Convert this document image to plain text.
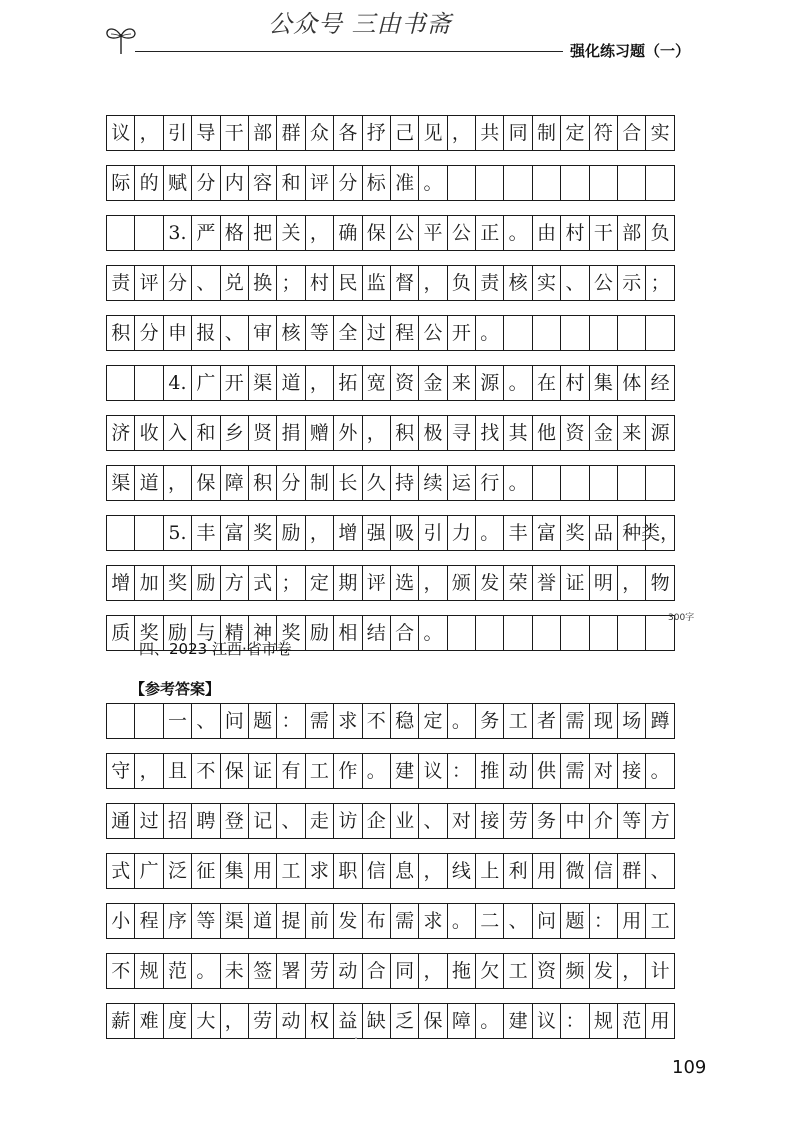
公众号 三由书斋
强化练习题（一）
议 ， 引 导 干 部 群 众 各 抒 己 见 ， 共 同 制 定 符 合 实
际 的 赋 分 内 容 和 评 分 标 准 。
3. 严 格 把 关 ， 确 保 公 平 公 正 。 由 村 干 部 负
责 评 分 、 兑 换 ； 村 民 监 督 ， 负 责 核 实 、 公 示 ；
积 分 申 报 、 审 核 等 全 过 程 公 开 。
4. 广 开 渠 道 ， 拓 宽 资 金 来 源 。 在 村 集 体 经
济 收 入 和 乡 贤 捐 赠 外 ， 积 极 寻 找 其 他 资 金 来 源
渠 道 ， 保 障 积 分 制 长 久 持 续 运 行 。
5. 丰 富 奖 励 ， 增 强 吸 引 力 。 丰 富 奖 品 种 类，
增 加 奖 励 方 式 ； 定 期 评 选 ， 颁 发 荣 誉 证 明 ， 物
质 奖 励 与 精 神 奖 励 相 结 合 。
300字
四、2023 江西·省市卷
【参考答案】
一 、 问 题 ： 需 求 不 稳 定 。 务 工 者 需 现 场 蹲
守 ， 且 不 保 证 有 工 作 。 建 议 ： 推 动 供 需 对 接 。
通 过 招 聘 登 记 、 走 访 企 业 、 对 接 劳 务 中 介 等 方
式 广 泛 征 集 用 工 求 职 信 息 ， 线 上 利 用 微 信 群 、
小 程 序 等 渠 道 提 前 发 布 需 求 。 二 、 问 题 ： 用 工
不 规 范 。 未 签 署 劳 动 合 同 ， 拖 欠 工 资 频 发 ， 计
薪 难 度 大 ， 劳 动 权 益 缺 乏 保 障 。 建 议 ： 规 范 用
109
